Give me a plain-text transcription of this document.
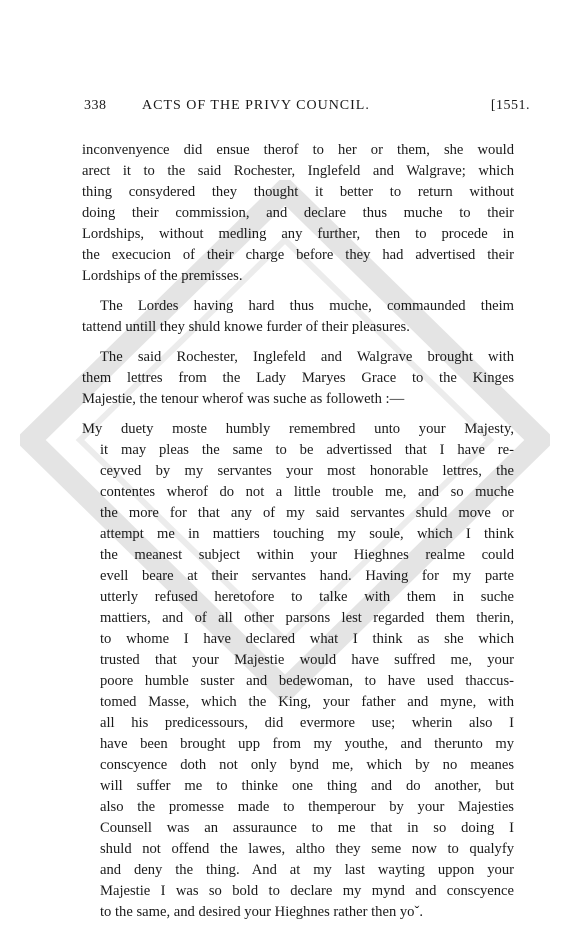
338	ACTS OF THE PRIVY COUNCIL.	[1551.
inconvenyence did ensue therof to her or them, she would
arect it to the said Rochester, Inglefeld and Walgrave; which
thing consydered they thought it better to return without
doing their commission, and declare thus muche to their
Lordships, without medling any further, then to procede in
the execucion of their charge before they had advertised their
Lordships of the premisses.
The Lordes having hard thus muche, commaunded theim
tattend untill they shuld knowe furder of their pleasures.
The said Rochester, Inglefeld and Walgrave brought with
them lettres from the Lady Maryes Grace to the Kinges
Majestie, the tenour wherof was suche as followeth :—
My duety moste humbly remembred unto your Majesty,
it may pleas the same to be advertissed that I have re-
ceyved by my servantes your most honorable lettres, the
contentes wherof do not a little trouble me, and so muche
the more for that any of my said servantes shuld move or
attempt me in mattiers touching my soule, which I think
the meanest subject within your Hieghnes realme could
evell beare at their servantes hand. Having for my parte
utterly refused heretofore to talke with them in suche
mattiers, and of all other parsons lest regarded them therin,
to whome I have declared what I think as she which
trusted that your Majestie would have suffred me, your
poore humble suster and bedewoman, to have used thaccus-
tomed Masse, which the King, your father and myne, with
all his predicessours, did evermore use; wherin also I
have been brought upp from my youthe, and therunto my
conscyence doth not only bynd me, which by no meanes
will suffer me to thinke one thing and do another, but
also the promesse made to themperour by your Majesties
Counsell was an assuraunce to me that in so doing I
shuld not offend the lawes, altho they seme now to qualyfy
and deny the thing. And at my last wayting uppon your
Majestie I was so bold to declare my mynd and conscyence
to the same, and desired your Hieghnes rather then yoˇ.
